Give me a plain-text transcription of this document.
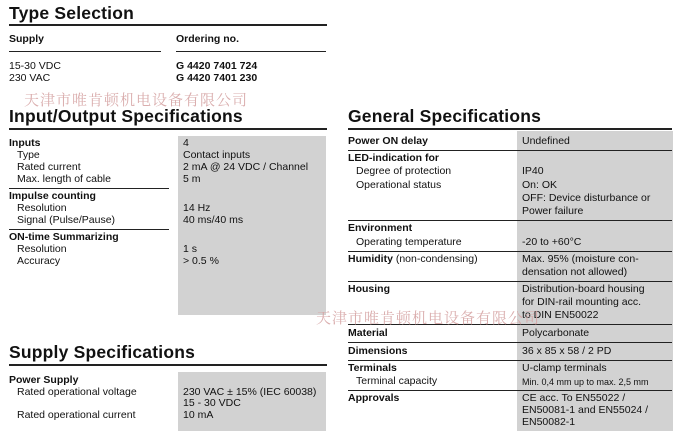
Type Selection
Supply	Ordering no.
15-30 VDC	G 4420 7401 724
230 VAC	G 4420 7401 230
Input/Output Specifications
Inputs	4
Type	Contact inputs
Rated current	2 mA @ 24 VDC / Channel
Max. length of cable	5 m
Impulse counting
Resolution	14 Hz
Signal (Pulse/Pause)	40 ms/40 ms
ON-time Summarizing
Resolution	1 s
Accuracy	> 0.5 %
Supply Specifications
Power Supply
Rated operational voltage	230 VAC ± 15% (IEC 60038)
15 - 30 VDC
Rated operational current	10 mA
General Specifications
Power ON delay	Undefined
LED-indication for
Degree of protection	IP40
Operational status	On: OK
OFF: Device disturbance or
Power failure
Environment
Operating temperature	-20 to +60°C
Humidity (non-condensing)	Max. 95% (moisture con-
densation not allowed)
Housing	Distribution-board housing
for DIN-rail mounting acc.
to DIN EN50022
Material	Polycarbonate
Dimensions	36 x 85 x 58 / 2 PD
Terminals	U-clamp terminals
Terminal capacity	Min. 0,4 mm up to max. 2,5 mm
Approvals	CE acc. To EN55022 /
EN50081-1 and EN55024 /
EN50082-1
天津市唯肯顿机电设备有限公司
天津市唯肯顿机电设备有限公司
